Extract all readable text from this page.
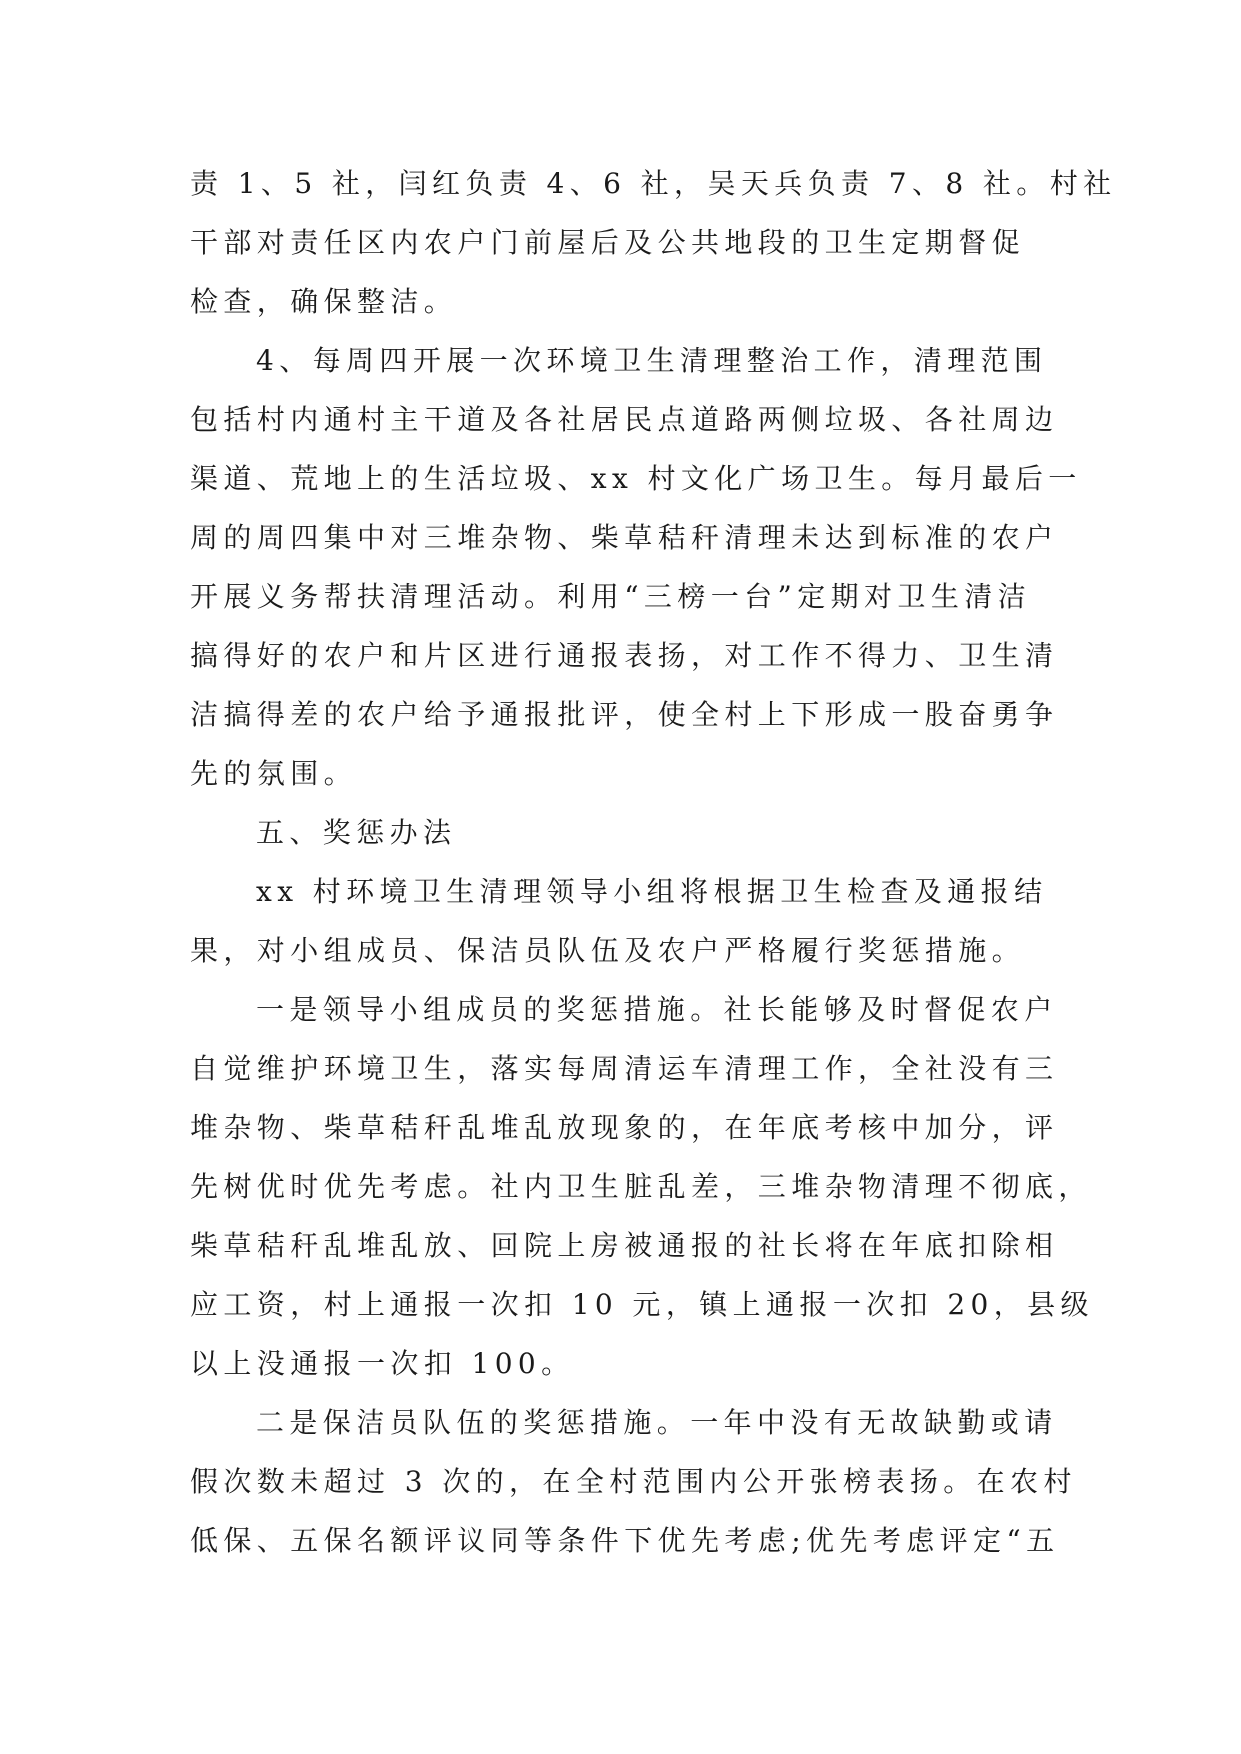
责 1、5 社，闫红负责 4、6 社，吴天兵负责 7、8 社。村社
干部对责任区内农户门前屋后及公共地段的卫生定期督促
检查，确保整洁。
4、每周四开展一次环境卫生清理整治工作，清理范围
包括村内通村主干道及各社居民点道路两侧垃圾、各社周边
渠道、荒地上的生活垃圾、xx 村文化广场卫生。每月最后一
周的周四集中对三堆杂物、柴草秸秆清理未达到标准的农户
开展义务帮扶清理活动。利用“三榜一台”定期对卫生清洁
搞得好的农户和片区进行通报表扬，对工作不得力、卫生清
洁搞得差的农户给予通报批评，使全村上下形成一股奋勇争
先的氛围。
五、奖惩办法
xx 村环境卫生清理领导小组将根据卫生检查及通报结
果，对小组成员、保洁员队伍及农户严格履行奖惩措施。
一是领导小组成员的奖惩措施。社长能够及时督促农户
自觉维护环境卫生，落实每周清运车清理工作，全社没有三
堆杂物、柴草秸秆乱堆乱放现象的，在年底考核中加分，评
先树优时优先考虑。社内卫生脏乱差，三堆杂物清理不彻底，
柴草秸秆乱堆乱放、回院上房被通报的社长将在年底扣除相
应工资，村上通报一次扣 10 元，镇上通报一次扣 20，县级
以上没通报一次扣 100。
二是保洁员队伍的奖惩措施。一年中没有无故缺勤或请
假次数未超过 3 次的，在全村范围内公开张榜表扬。在农村
低保、五保名额评议同等条件下优先考虑;优先考虑评定“五
